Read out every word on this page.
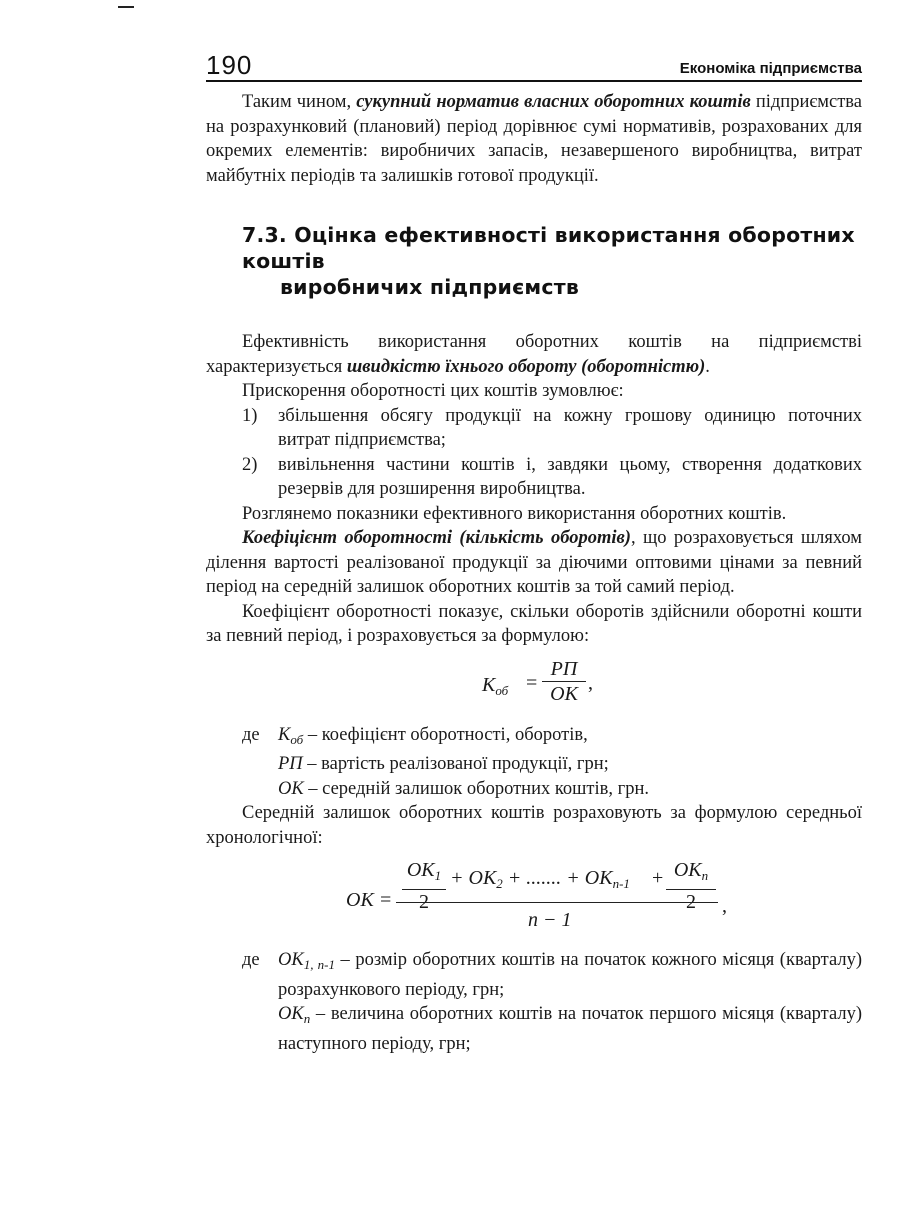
190	Економіка підприємства

Таким чином, сукупний норматив власних оборотних коштів підприємства на розрахунковий (плановий) період дорівнює сумі нормативів, розрахованих для окремих елементів: виробничих запасів, незавершеного виробництва, витрат майбутніх періодів та залишків готової продукції.

7.3. Оцінка ефективності використання оборотних коштів
виробничих підприємств

Ефективність використання оборотних коштів на підприємстві характеризується швидкістю їхнього обороту (оборотністю).

Прискорення оборотності цих коштів зумовлює:

1)	збільшення обсягу продукції на кожну грошову одиницю поточних витрат підприємства;
2)	вивільнення частини коштів і, завдяки цьому, створення додаткових резервів для розширення виробництва.

Розглянемо показники ефективного використання оборотних коштів.

Коефіцієнт оборотності (кількість оборотів), що розраховується шляхом ділення вартості реалізованої продукції за діючими оптовими цінами за певний період на середній залишок оборотних коштів за той самий період.

Коефіцієнт оборотності показує, скільки оборотів здійснили оборотні кошти за певний період, і розраховується за формулою:

$K_{об}$ =
РП
ОК
,
де $K_{об}$ – коефіцієнт оборотності, оборотів,
РП – вартість реалізованої продукції, грн;
ОК – середній залишок оборотних коштів, грн.

Середній залишок оборотних коштів розраховують за формулою середньої хронологічної:

OK =
$OK_1$
2
+ $OK_2$ + ....... + $OK_{n-1} + OK_n$
2
n − 1
,
де $OK_{1, n-1}$ – розмір оборотних коштів на початок кожного місяця (кварталу) розрахункового періоду, грн;
$OK_n$ – величина оборотних коштів на початок першого місяця (кварталу) наступного періоду, грн;
